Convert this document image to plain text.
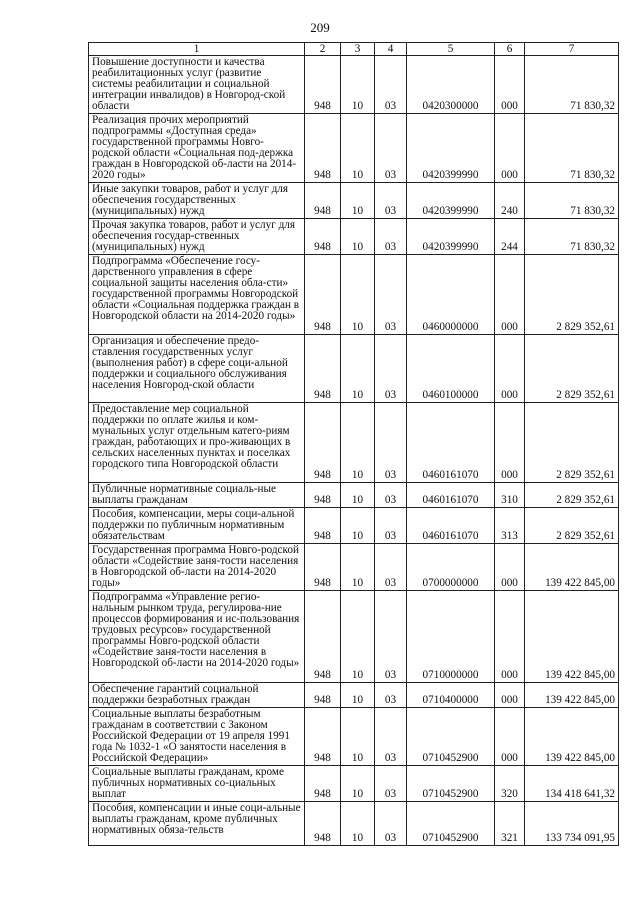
209
1	2	3	4	5	6	7
Повышение доступности и качества реабилитационных услуг (развитие системы реабилитации и социальной интеграции инвалидов) в Новгород-ской области	948	10	03	0420300000	000	71 830,32
Реализация прочих мероприятий подпрограммы «Доступная среда» государственной программы Новго-родской области «Социальная под-держка граждан в Новгородской об-ласти на 2014-2020 годы»	948	10	03	0420399990	000	71 830,32
Иные закупки товаров, работ и услуг для обеспечения государственных (муниципальных) нужд	948	10	03	0420399990	240	71 830,32
Прочая закупка товаров, работ и услуг для обеспечения государ-ственных (муниципальных) нужд	948	10	03	0420399990	244	71 830,32
Подпрограмма «Обеспечение госу-дарственного управления в сфере социальной защиты населения обла-сти» государственной программы Новгородской области «Социальная поддержка граждан в Новгородской области на 2014-2020 годы»	948	10	03	0460000000	000	2 829 352,61
Организация и обеспечение предо-ставления государственных услуг (выполнения работ) в сфере соци-альной поддержки и социального обслуживания населения Новгород-ской области	948	10	03	0460100000	000	2 829 352,61
Предоставление мер социальной поддержки по оплате жилья и ком-мунальных услуг отдельным катего-риям граждан, работающих и про-живающих в сельских населенных пунктах и поселках городского типа Новгородской области	948	10	03	0460161070	000	2 829 352,61
Публичные нормативные социаль-ные выплаты гражданам	948	10	03	0460161070	310	2 829 352,61
Пособия, компенсации, меры соци-альной поддержки по публичным нормативным обязательствам	948	10	03	0460161070	313	2 829 352,61
Государственная программа Новго-родской области «Содействие заня-тости населения в Новгородской об-ласти на 2014-2020 годы»	948	10	03	0700000000	000	139 422 845,00
Подпрограмма «Управление регио-нальным рынком труда, регулирова-ние процессов формирования и ис-пользования трудовых ресурсов» государственной программы Новго-родской области «Содействие заня-тости населения в Новгородской об-ласти на 2014-2020 годы»	948	10	03	0710000000	000	139 422 845,00
Обеспечение гарантий социальной поддержки безработных граждан	948	10	03	0710400000	000	139 422 845,00
Социальные выплаты безработным гражданам в соответствии с Законом Российской Федерации от 19 апреля 1991 года № 1032-1 «О занятости населения в Российской Федерации»	948	10	03	0710452900	000	139 422 845,00
Социальные выплаты гражданам, кроме публичных нормативных со-циальных выплат	948	10	03	0710452900	320	134 418 641,32
Пособия, компенсации и иные соци-альные выплаты гражданам, кроме публичных нормативных обяза-тельств	948	10	03	0710452900	321	133 734 091,95
